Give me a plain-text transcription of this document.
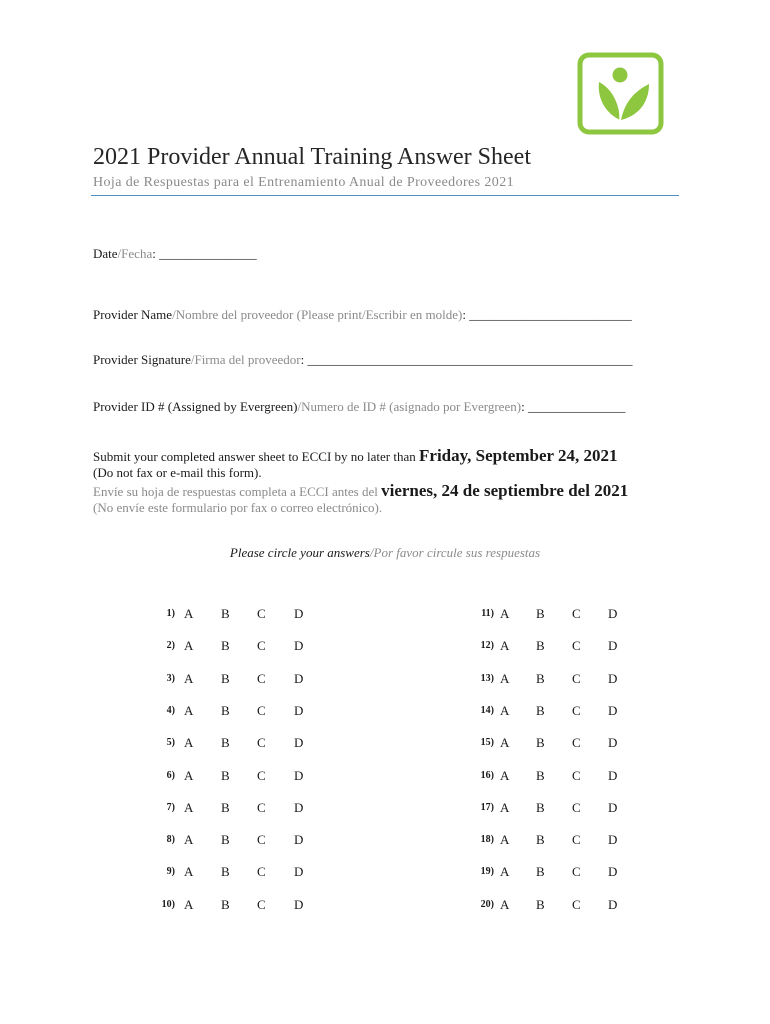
2021 Provider Annual Training Answer Sheet
Hoja de Respuestas para el Entrenamiento Anual de Proveedores 2021
Date/Fecha: _______________
Provider Name/Nombre del proveedor (Please print/Escribir en molde): _________________________
Provider Signature/Firma del proveedor: __________________________________________________
Provider ID # (Assigned by Evergreen)/Numero de ID # (asignado por Evergreen): _______________
Submit your completed answer sheet to ECCI by no later than Friday, September 24, 2021
(Do not fax or e-mail this form).
Envíe su hoja de respuestas completa a ECCI antes del viernes, 24 de septiembre del 2021
(No envíe este formulario por fax o correo electrónico).
Please circle your answers/Por favor circule sus respuestas
1) A B C D
2) A B C D
3) A B C D
4) A B C D
5) A B C D
6) A B C D
7) A B C D
8) A B C D
9) A B C D
10) A B C D
11) A B C D
12) A B C D
13) A B C D
14) A B C D
15) A B C D
16) A B C D
17) A B C D
18) A B C D
19) A B C D
20) A B C D
